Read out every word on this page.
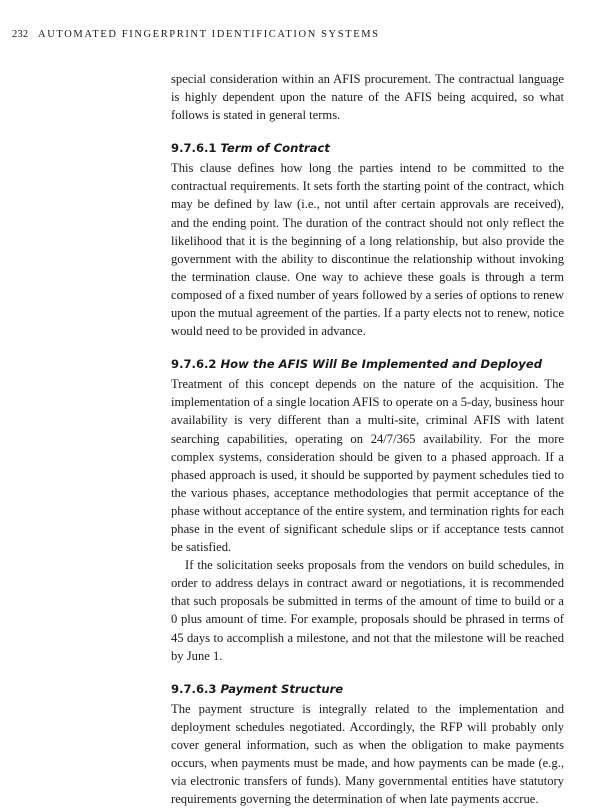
232 AUTOMATED FINGERPRINT IDENTIFICATION SYSTEMS

special consideration within an AFIS procurement. The contractual language is highly dependent upon the nature of the AFIS being acquired, so what follows is stated in general terms.

9.7.6.1 Term of Contract

This clause defines how long the parties intend to be committed to the contractual requirements. It sets forth the starting point of the contract, which may be defined by law (i.e., not until after certain approvals are received), and the ending point. The duration of the contract should not only reflect the likelihood that it is the beginning of a long relationship, but also provide the government with the ability to discontinue the relationship without invoking the termination clause. One way to achieve these goals is through a term composed of a fixed number of years followed by a series of options to renew upon the mutual agreement of the parties. If a party elects not to renew, notice would need to be provided in advance.

9.7.6.2 How the AFIS Will Be Implemented and Deployed

Treatment of this concept depends on the nature of the acquisition. The implementation of a single location AFIS to operate on a 5-day, business hour availability is very different than a multi-site, criminal AFIS with latent searching capabilities, operating on 24/7/365 availability. For the more complex systems, consideration should be given to a phased approach. If a phased approach is used, it should be supported by payment schedules tied to the various phases, acceptance methodologies that permit acceptance of the phase without acceptance of the entire system, and termination rights for each phase in the event of significant schedule slips or if acceptance tests cannot be satisfied.

If the solicitation seeks proposals from the vendors on build schedules, in order to address delays in contract award or negotiations, it is recommended that such proposals be submitted in terms of the amount of time to build or a 0 plus amount of time. For example, proposals should be phrased in terms of 45 days to accomplish a milestone, and not that the milestone will be reached by June 1.

9.7.6.3 Payment Structure

The payment structure is integrally related to the implementation and deployment schedules negotiated. Accordingly, the RFP will probably only cover general information, such as when the obligation to make payments occurs, when payments must be made, and how payments can be made (e.g., via electronic transfers of funds). Many governmental entities have statutory requirements governing the determination of when late payments accrue.
